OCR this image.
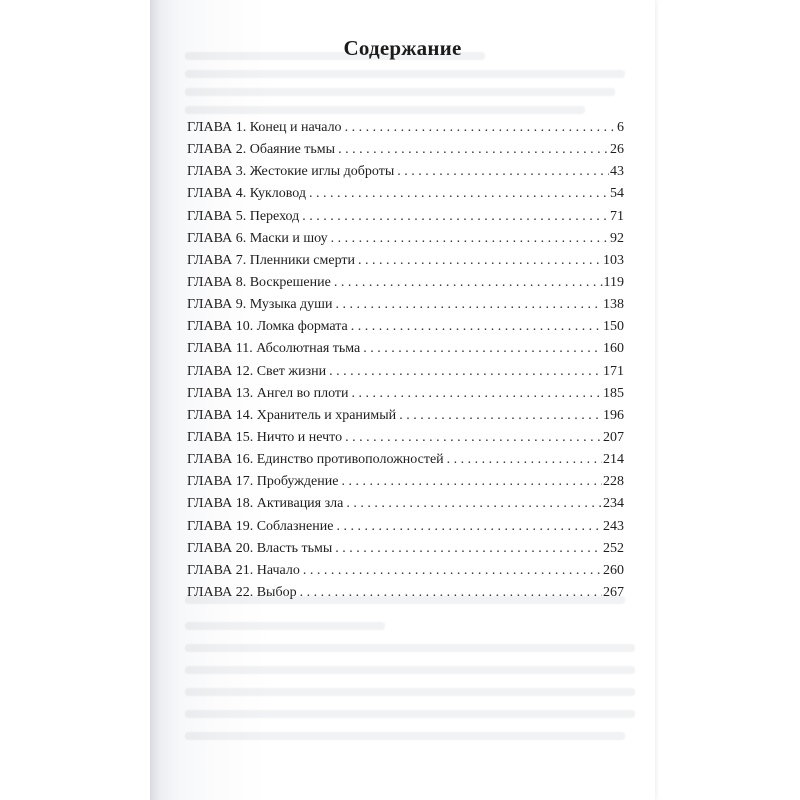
Содержание
ГЛАВА 1. Конец и начало . . .	6
ГЛАВА 2. Обаяние тьмы . . .	26
ГЛАВА 3. Жестокие иглы доброты . . .	43
ГЛАВА 4. Кукловод . . .	54
ГЛАВА 5. Переход . . .	71
ГЛАВА 6. Маски и шоу . . .	92
ГЛАВА 7. Пленники смерти . . .	103
ГЛАВА 8. Воскрешение . . .	119
ГЛАВА 9. Музыка души . . .	138
ГЛАВА 10. Ломка формата . . .	150
ГЛАВА 11. Абсолютная тьма . . .	160
ГЛАВА 12. Свет жизни . . .	171
ГЛАВА 13. Ангел во плоти . . .	185
ГЛАВА 14. Хранитель и хранимый . . .	196
ГЛАВА 15. Ничто и нечто . . .	207
ГЛАВА 16. Единство противоположностей . . .	214
ГЛАВА 17. Пробуждение . . .	228
ГЛАВА 18. Активация зла . . .	234
ГЛАВА 19. Соблазнение . . .	243
ГЛАВА 20. Власть тьмы . . .	252
ГЛАВА 21. Начало . . .	260
ГЛАВА 22. Выбор . . .	267
